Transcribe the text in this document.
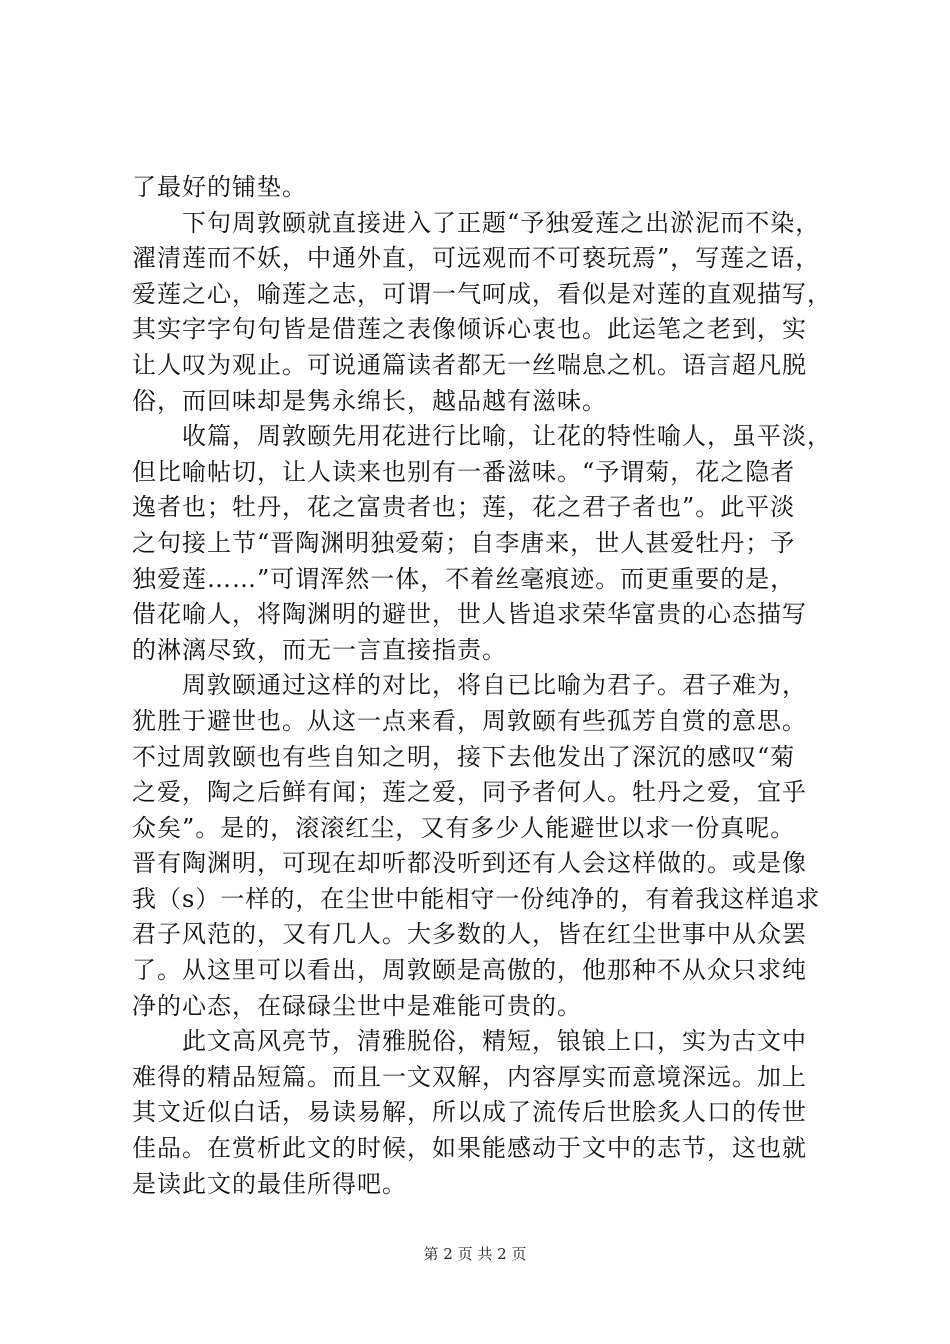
了最好的铺垫。
下句周敦颐就直接进入了正题“予独爱莲之出淤泥而不染，
濯清莲而不妖，中通外直，可远观而不可亵玩焉”，写莲之语，
爱莲之心，喻莲之志，可谓一气呵成，看似是对莲的直观描写，
其实字字句句皆是借莲之表像倾诉心衷也。此运笔之老到，实
让人叹为观止。可说通篇读者都无一丝喘息之机。语言超凡脱
俗，而回味却是隽永绵长，越品越有滋味。
收篇，周敦颐先用花进行比喻，让花的特性喻人，虽平淡，
但比喻帖切，让人读来也别有一番滋味。“予谓菊，花之隐者
逸者也；牡丹，花之富贵者也；莲，花之君子者也”。此平淡
之句接上节“晋陶渊明独爱菊；自李唐来，世人甚爱牡丹；予
独爱莲……”可谓浑然一体，不着丝毫痕迹。而更重要的是，
借花喻人，将陶渊明的避世，世人皆追求荣华富贵的心态描写
的淋漓尽致，而无一言直接指责。
周敦颐通过这样的对比，将自已比喻为君子。君子难为，
犹胜于避世也。从这一点来看，周敦颐有些孤芳自赏的意思。
不过周敦颐也有些自知之明，接下去他发出了深沉的感叹“菊
之爱，陶之后鲜有闻；莲之爱，同予者何人。牡丹之爱，宜乎
众矣”。是的，滚滚红尘，又有多少人能避世以求一份真呢。
晋有陶渊明，可现在却听都没听到还有人会这样做的。或是像
我（s）一样的，在尘世中能相守一份纯净的，有着我这样追求
君子风范的，又有几人。大多数的人，皆在红尘世事中从众罢
了。从这里可以看出，周敦颐是高傲的，他那种不从众只求纯
净的心态，在碌碌尘世中是难能可贵的。
此文高风亮节，清雅脱俗，精短，锒锒上口，实为古文中
难得的精品短篇。而且一文双解，内容厚实而意境深远。加上
其文近似白话，易读易解，所以成了流传后世脍炙人口的传世
佳品。在赏析此文的时候，如果能感动于文中的志节，这也就
是读此文的最佳所得吧。
第 2 页 共 2 页
